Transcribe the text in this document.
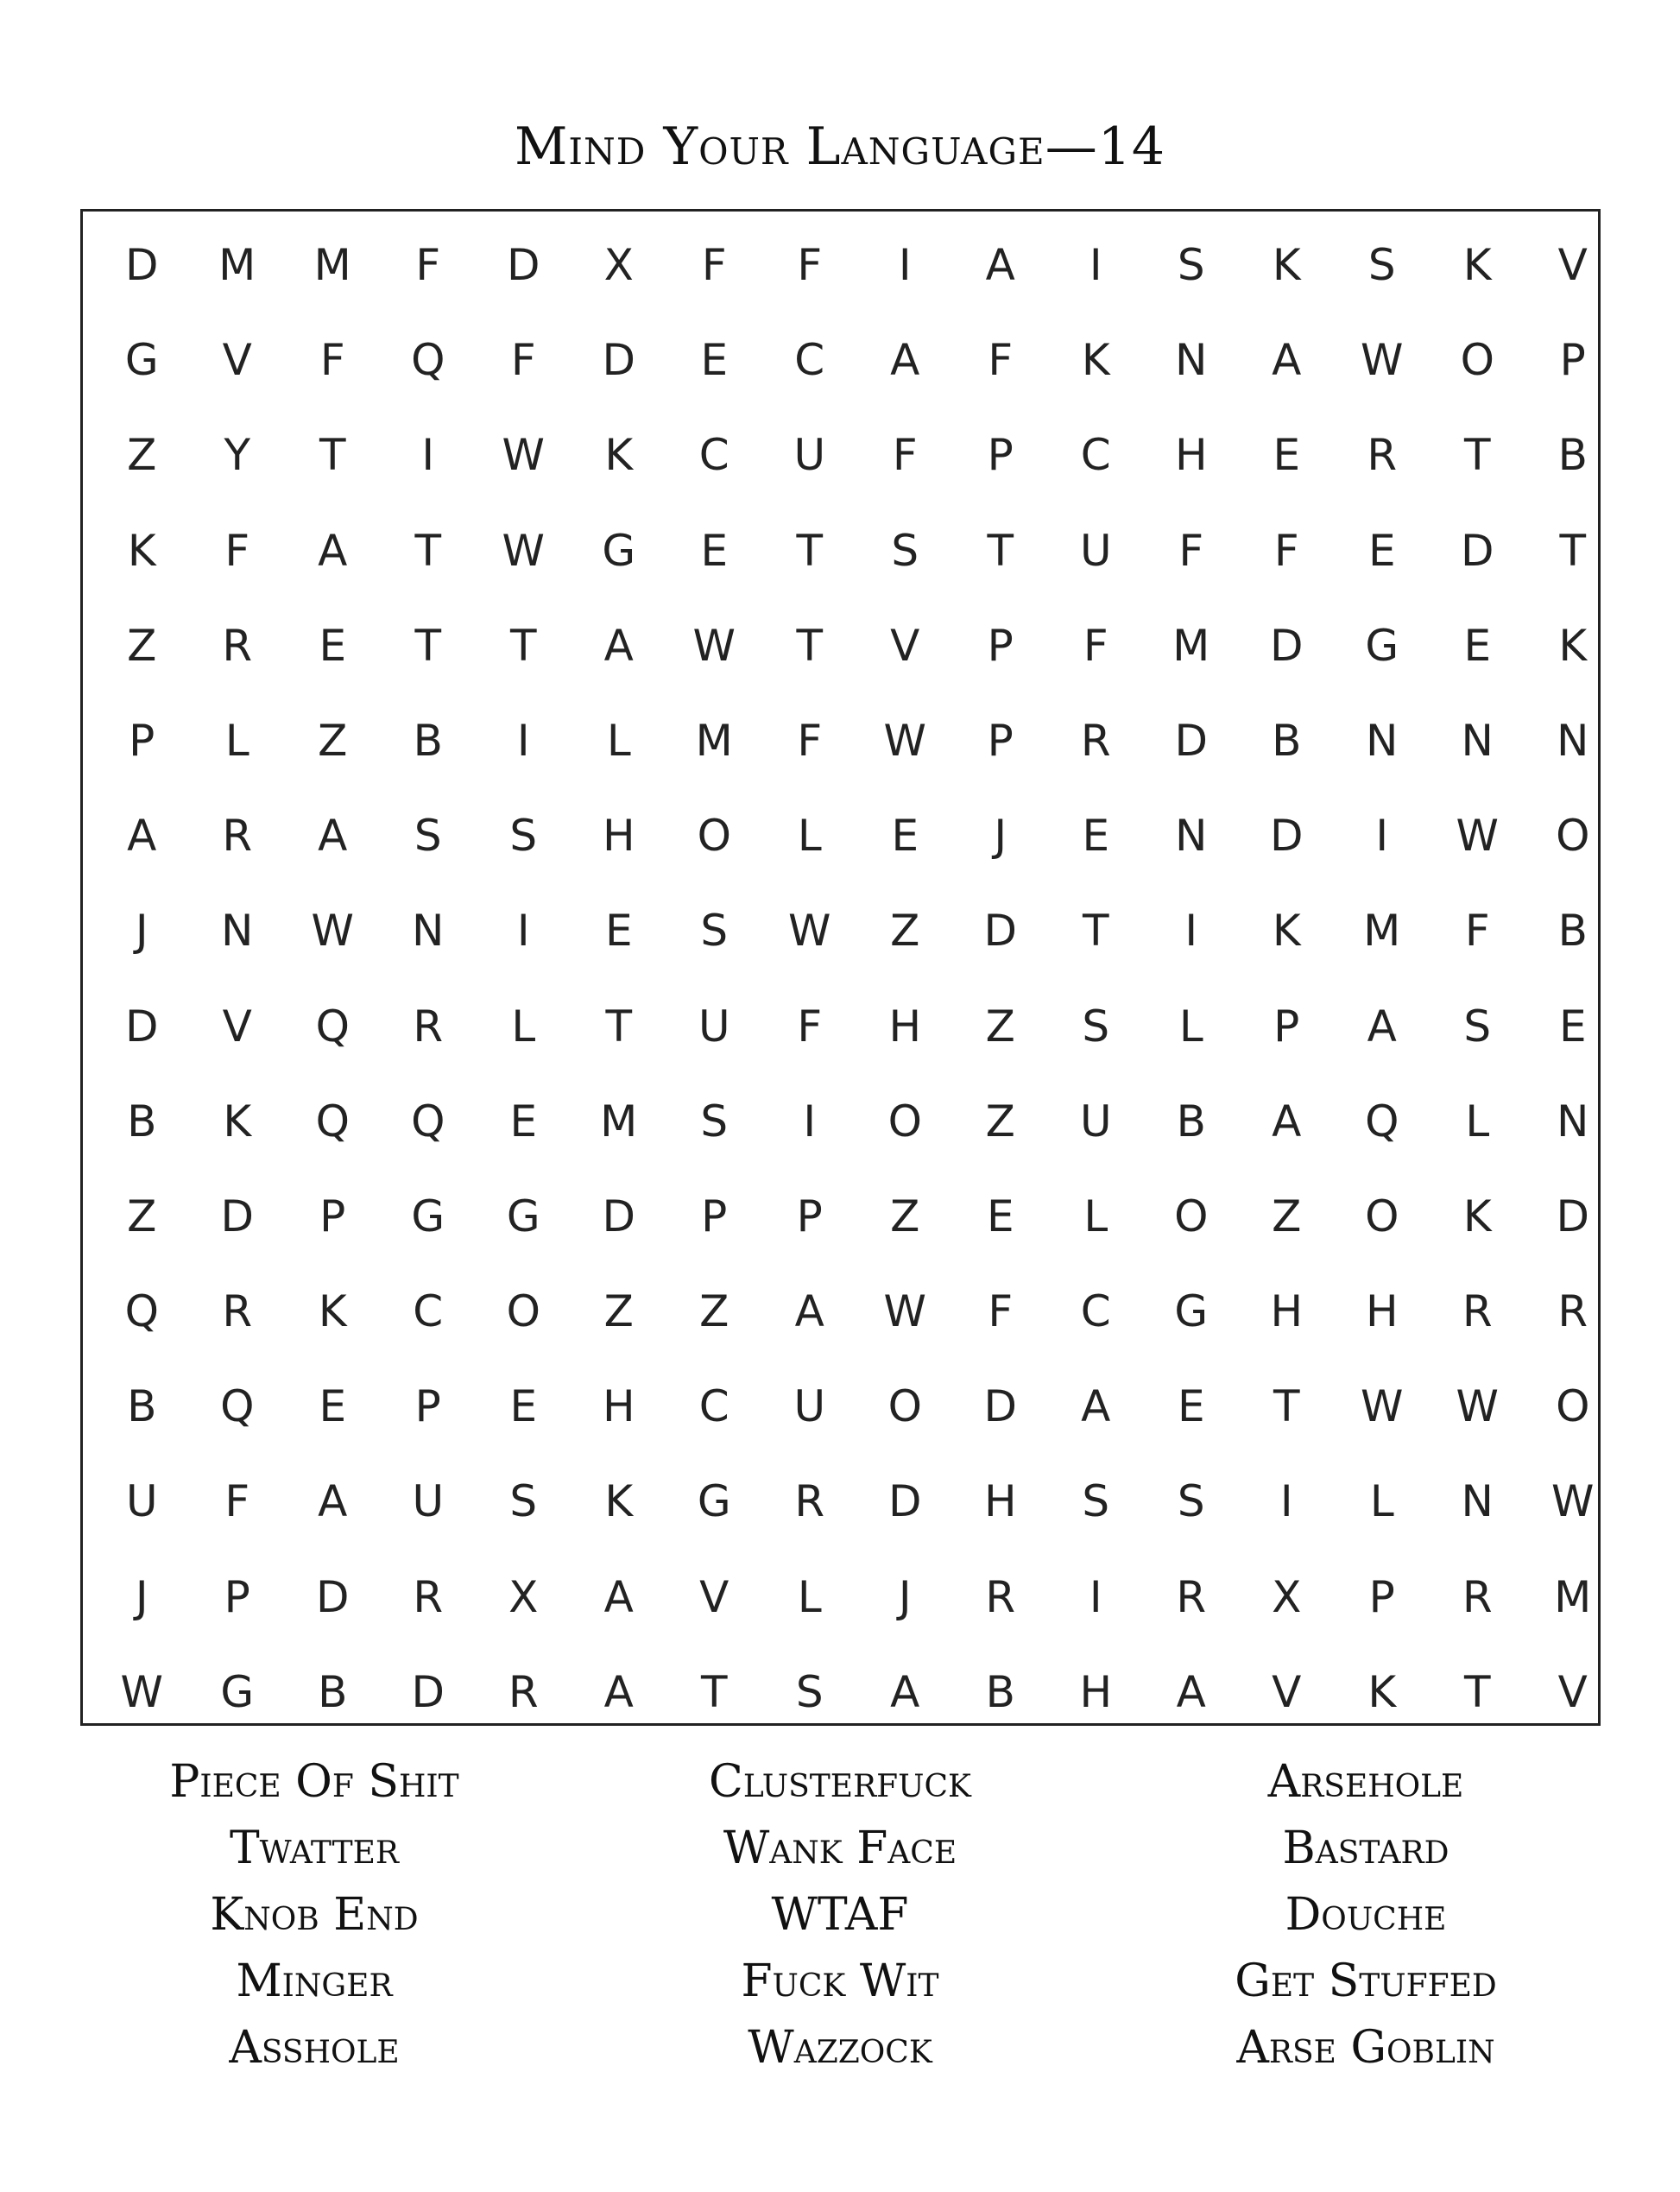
Mind Your Language—14
D	M	M	F	D	X	F	F	I	A	I	S	K	S	K	V
G	V	F	Q	F	D	E	C	A	F	K	N	A	W	O	P
Z	Y	T	I	W	K	C	U	F	P	C	H	E	R	T	B
K	F	A	T	W	G	E	T	S	T	U	F	F	E	D	T
Z	R	E	T	T	A	W	T	V	P	F	M	D	G	E	K
P	L	Z	B	I	L	M	F	W	P	R	D	B	N	N	N
A	R	A	S	S	H	O	L	E	J	E	N	D	I	W	O
J	N	W	N	I	E	S	W	Z	D	T	I	K	M	F	B
D	V	Q	R	L	T	U	F	H	Z	S	L	P	A	S	E
B	K	Q	Q	E	M	S	I	O	Z	U	B	A	Q	L	N
Z	D	P	G	G	D	P	P	Z	E	L	O	Z	O	K	D
Q	R	K	C	O	Z	Z	A	W	F	C	G	H	H	R	R
B	Q	E	P	E	H	C	U	O	D	A	E	T	W	W	O
U	F	A	U	S	K	G	R	D	H	S	S	I	L	N	W
J	P	D	R	X	A	V	L	J	R	I	R	X	P	R	M
W	G	B	D	R	A	T	S	A	B	H	A	V	K	T	V
Piece Of Shit
Twatter
Knob End
Minger
Asshole
Clusterfuck
Wank Face
WTAF
Fuck Wit
Wazzock
Arsehole
Bastard
Douche
Get Stuffed
Arse Goblin
